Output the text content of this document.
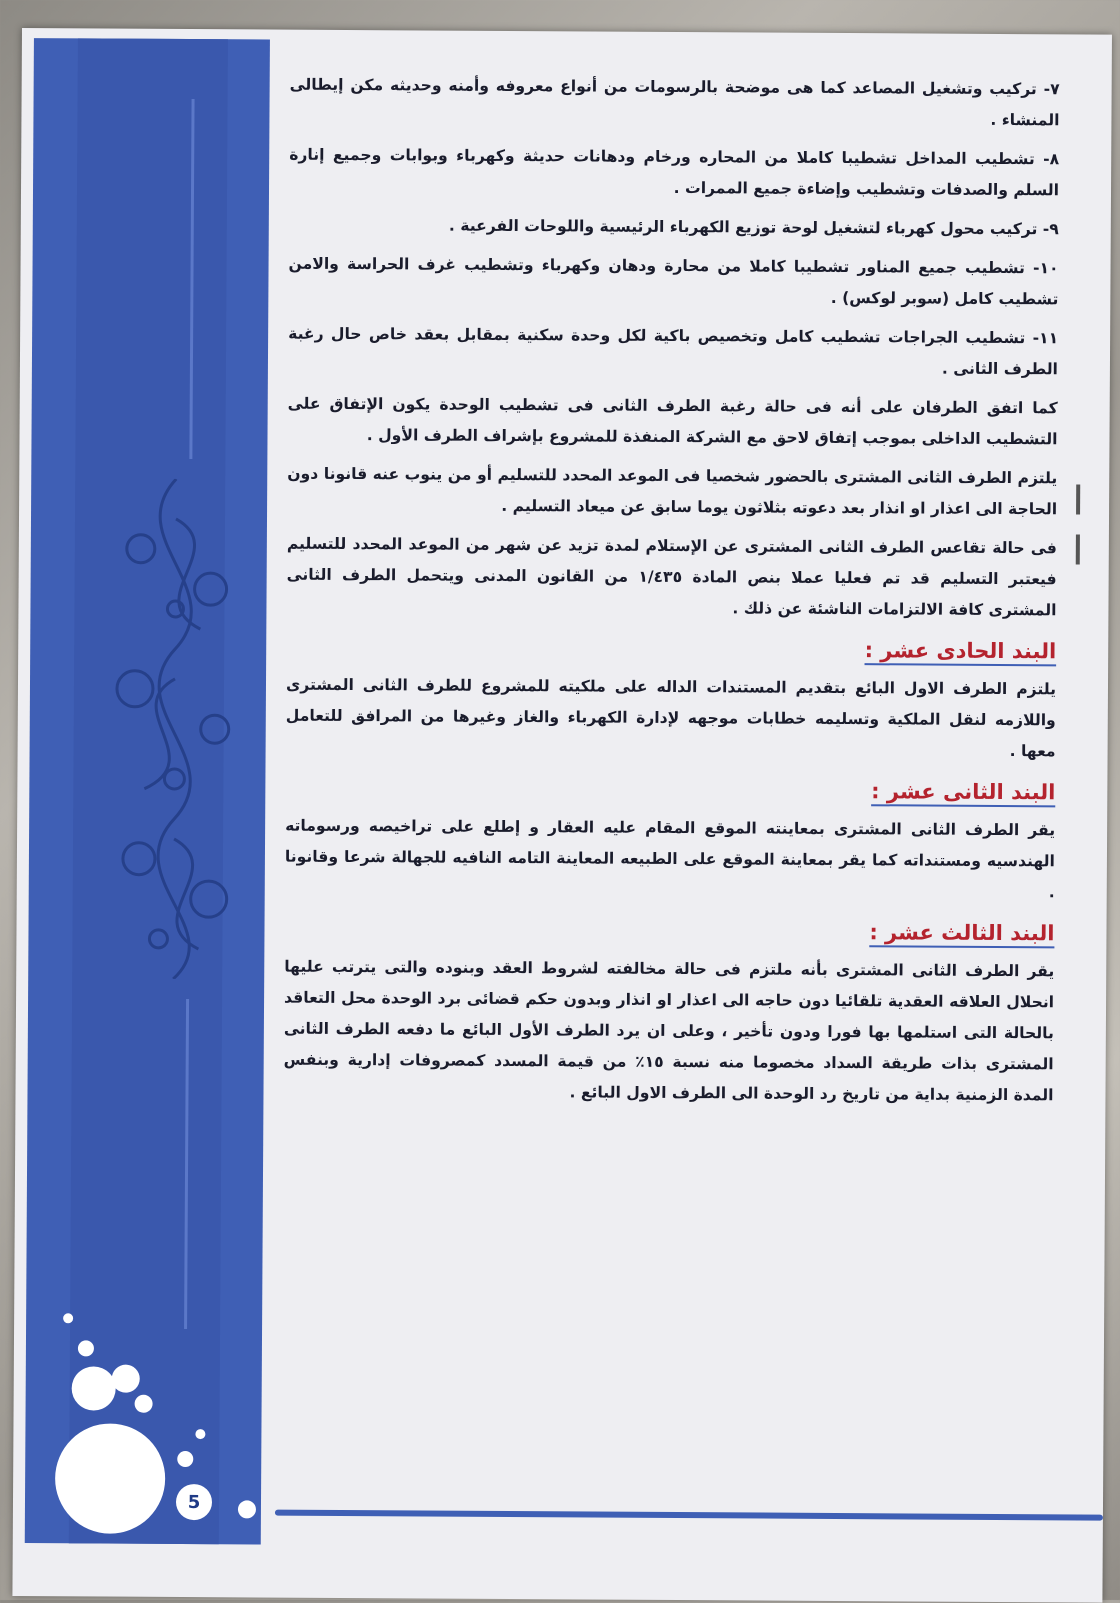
5

٧- تركيب وتشغيل المصاعد كما هى موضحة بالرسومات من أنواع معروفه وأمنه وحديثه مكن إيطالى المنشاء .

٨- تشطيب المداخل تشطيبا كاملا من المحاره ورخام ودهانات حديثة وكهرباء وبوابات وجميع إنارة السلم والصدفات وتشطيب وإضاءة جميع الممرات .

٩- تركيب محول كهرباء لتشغيل لوحة توزيع الكهرباء الرئيسية واللوحات الفرعية .

١٠- تشطيب جميع المناور تشطيبا كاملا من محارة ودهان وكهرباء وتشطيب غرف الحراسة والامن تشطيب كامل (سوبر لوكس) .

١١- تشطيب الجراجات تشطيب كامل وتخصيص باكية لكل وحدة سكنية بمقابل بعقد خاص حال رغبة الطرف الثانى .

كما اتفق الطرفان على أنه فى حالة رغبة الطرف الثانى فى تشطيب الوحدة يكون الإتفاق على التشطيب الداخلى بموجب إتفاق لاحق مع الشركة المنفذة للمشروع بإشراف الطرف الأول .

يلتزم الطرف الثانى المشترى بالحضور شخصيا فى الموعد المحدد للتسليم أو من ينوب عنه قانونا دون الحاجة الى اعذار او انذار بعد دعوته بثلاثون يوما سابق عن ميعاد التسليم .

فى حالة تقاعس الطرف الثانى المشترى عن الإستلام لمدة تزيد عن شهر من الموعد المحدد للتسليم فيعتبر التسليم قد تم فعليا عملا بنص المادة ١/٤٣٥ من القانون المدنى ويتحمل الطرف الثانى المشترى كافة الالتزامات الناشئة عن ذلك .

البند الحادى عشر :

يلتزم الطرف الاول البائع بتقديم المستندات الداله على ملكيته للمشروع للطرف الثانى المشترى واللازمه لنقل الملكية وتسليمه خطابات موجهه لإدارة الكهرباء والغاز وغيرها من المرافق للتعامل معها .

البند الثانى عشر :

يقر الطرف الثانى المشترى بمعاينته الموقع المقام عليه العقار و إطلع على تراخيصه ورسوماته الهندسيه ومستنداته كما يقر بمعاينة الموقع على الطبيعه المعاينة التامه النافيه للجهالة شرعا وقانونا .

البند الثالث عشر :

يقر الطرف الثانى المشترى بأنه ملتزم فى حالة مخالفته لشروط العقد وبنوده والتى يترتب عليها انحلال العلاقه العقدية تلقائيا دون حاجه الى اعذار او انذار وبدون حكم قضائى برد الوحدة محل التعاقد بالحالة التى استلمها بها فورا ودون تأخير ، وعلى ان يرد الطرف الأول البائع ما دفعه الطرف الثانى المشترى بذات طريقة السداد مخصوما منه نسبة ١٥٪ من قيمة المسدد كمصروفات إدارية وبنفس المدة الزمنية بداية من تاريخ رد الوحدة الى الطرف الاول البائع .
